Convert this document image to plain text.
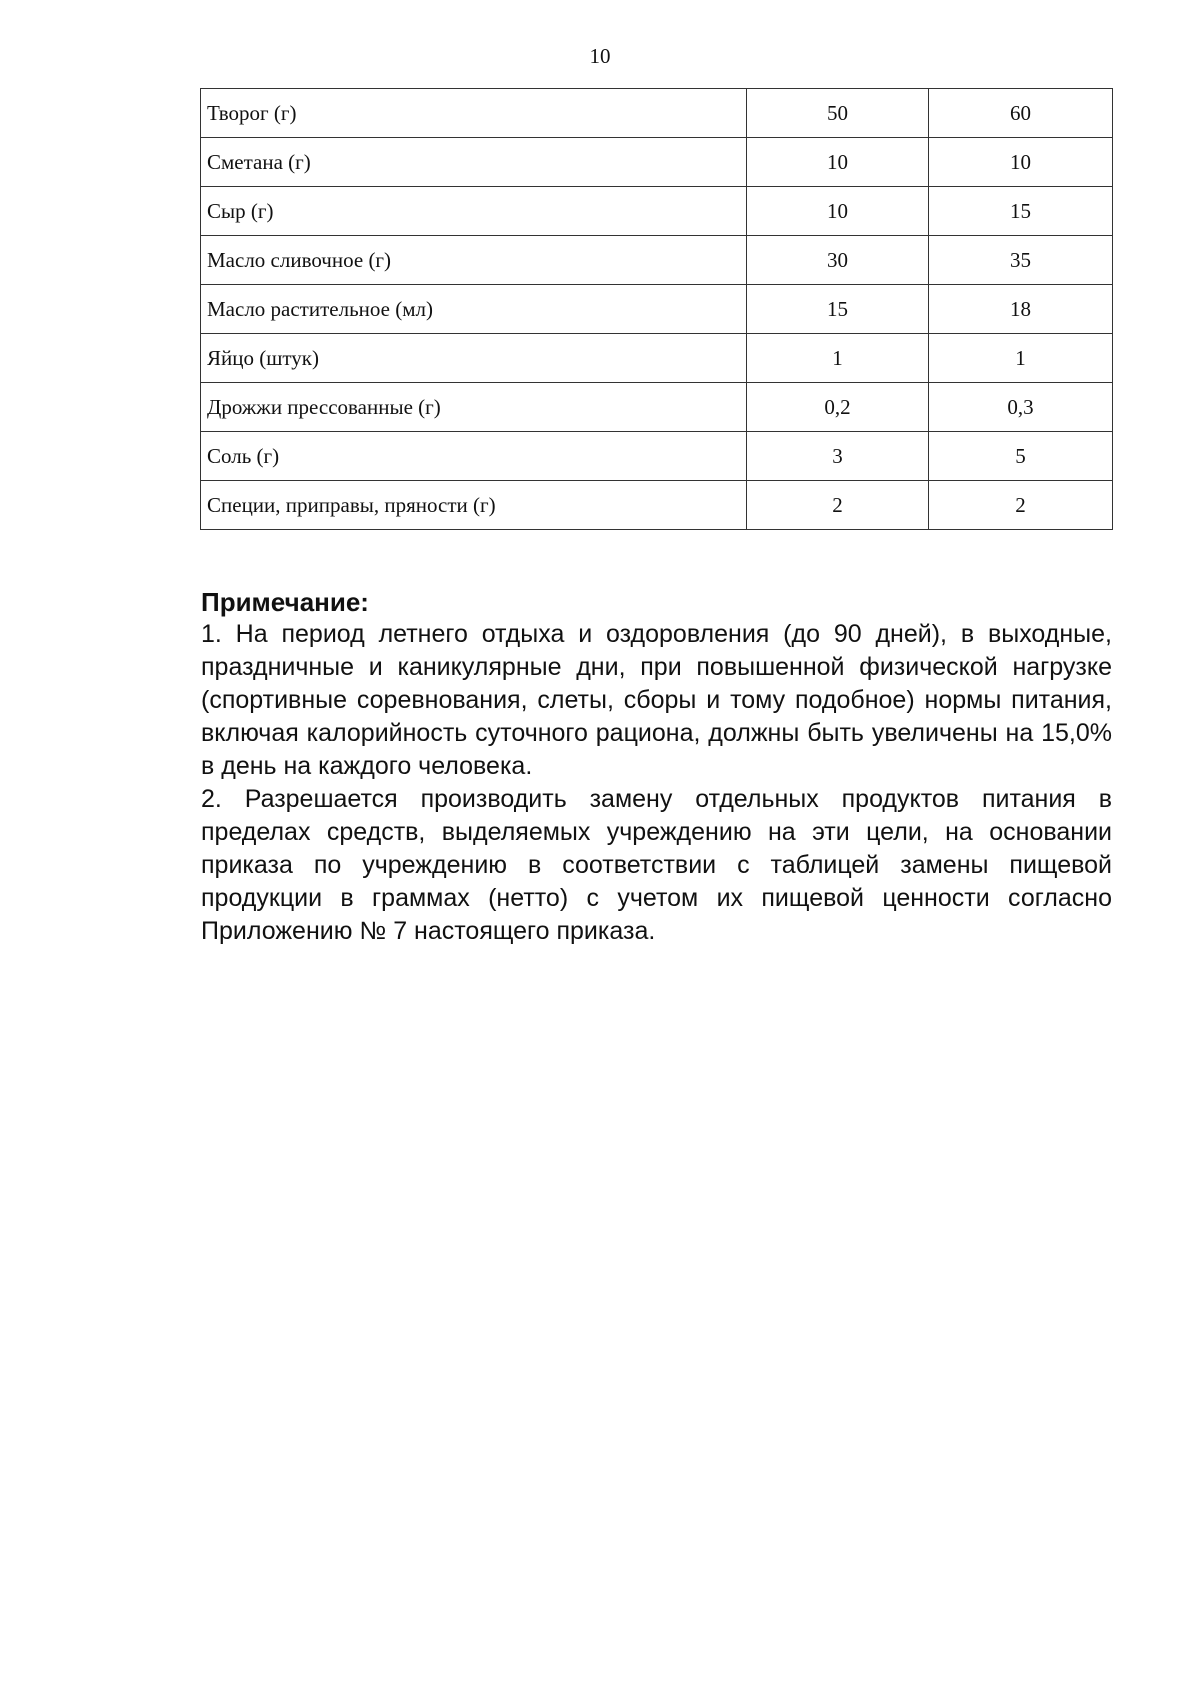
10
Творог (г)	50	60
Сметана (г)	10	10
Сыр (г)	10	15
Масло сливочное (г)	30	35
Масло растительное (мл)	15	18
Яйцо (штук)	1	1
Дрожжи прессованные (г)	0,2	0,3
Соль (г)	3	5
Специи, приправы, пряности (г)	2	2
Примечание:

1. На период летнего отдыха и оздоровления (до 90 дней), в выходные, праздничные и каникулярные дни, при повышенной физической нагрузке (спортивные соревнования, слеты, сборы и тому подобное) нормы питания, включая калорийность суточного рациона, должны быть увеличены на 15,0% в день на каждого человека.

2. Разрешается производить замену отдельных продуктов питания в пределах средств, выделяемых учреждению на эти цели, на основании приказа по учреждению в соответствии с таблицей замены пищевой продукции в граммах (нетто) с учетом их пищевой ценности согласно Приложению № 7 настоящего приказа.
